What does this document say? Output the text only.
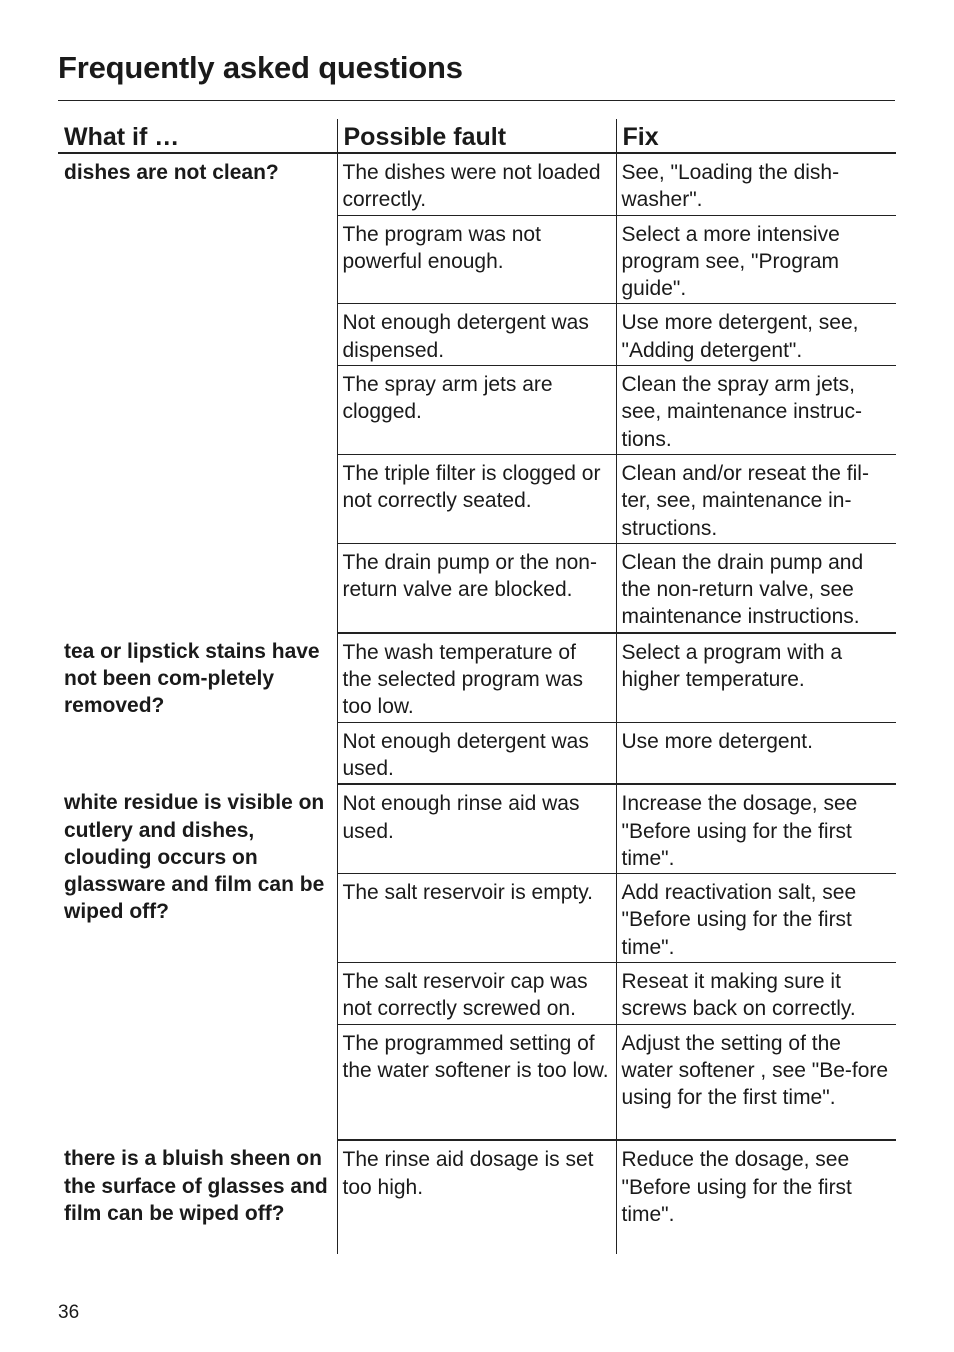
Frequently asked questions
What if …	Possible fault	Fix
dishes are not clean?	The dishes were not loaded correctly.	See, "Loading the dish-washer".
	The program was not powerful enough.	Select a more intensive program see, "Program guide".
	Not enough detergent was dispensed.	Use more detergent, see, "Adding detergent".
	The spray arm jets are clogged.	Clean the spray arm jets, see, maintenance instruc-tions.
	The triple filter is clogged or not correctly seated.	Clean and/or reseat the fil-ter, see, maintenance in-structions.
	The drain pump or the non-return valve are blocked.	Clean the drain pump and the non-return valve, see maintenance instructions.
tea or lipstick stains have not been com-pletely removed?	The wash temperature of the selected program was too low.	Select a program with a higher temperature.
	Not enough detergent was used.	Use more detergent.
white residue is visible on cutlery and dishes, clouding occurs on glassware and film can be wiped off?	Not enough rinse aid was used.	Increase the dosage, see "Before using for the first time".
	The salt reservoir is empty.	Add reactivation salt, see "Before using for the first time".
	The salt reservoir cap was not correctly screwed on.	Reseat it making sure it screws back on correctly.
	The programmed setting of the water softener is too low.	Adjust the setting of the water softener , see "Be-fore using for the first time".
there is a bluish sheen on the surface of glasses and film can be wiped off?	The rinse aid dosage is set too high.	Reduce the dosage, see "Before using for the first time".
36
